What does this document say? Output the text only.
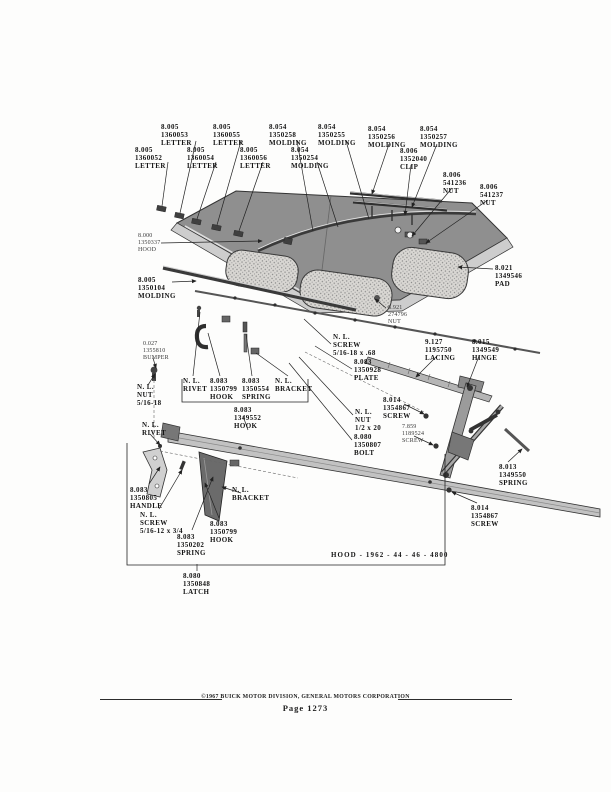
8.005
1360052
LETTER
8.005
1360053
LETTER
8.005
1360054
LETTER
8.005
1360055
LETTER
8.005
1360056
LETTER
8.054
1350258
MOLDING
8.054
1350254
MOLDING
8.054
1350255
MOLDING
8.054
1350256
MOLDING
8.054
1350257
MOLDING
8.006
1352040
CLIP
8.006
541236
NUT
8.006
541237
NUT
8.000
1350337
HOOD
8.005
1350104
MOLDING
8.021
1349546
PAD
8.921
274796
NUT
9.127
1195750
LACING
8.015
1349549
HINGE
N. L.
SCREW
5/16-18 x .68
8.083
1350928
PLATE
N. L.
NUT
1/2 x 20
8.080
1350807
BOLT
8.014
1354867
SCREW
7.859
1189524
SCREW
0.027
1355810
BUMPER
N. L.
NUT
5/16-18
N. L.
RIVET
8.083
1350799
HOOK
8.083
1350554
SPRING
N. L.
BRACKET
8.083
1349552
HOOK
N. L.
RIVET
8.083
1350805
HANDLE
N. L.
SCREW
5/16-12 x 3/4
8.083
1350202
SPRING
8.083
1350799
HOOK
N. L.
BRACKET
8.080
1350848
LATCH
8.013
1349550
SPRING
8.014
1354867
SCREW
HOOD - 1962 - 44 - 46 - 4800
©1967 BUICK MOTOR DIVISION, GENERAL MOTORS CORPORATION
Page 1273
